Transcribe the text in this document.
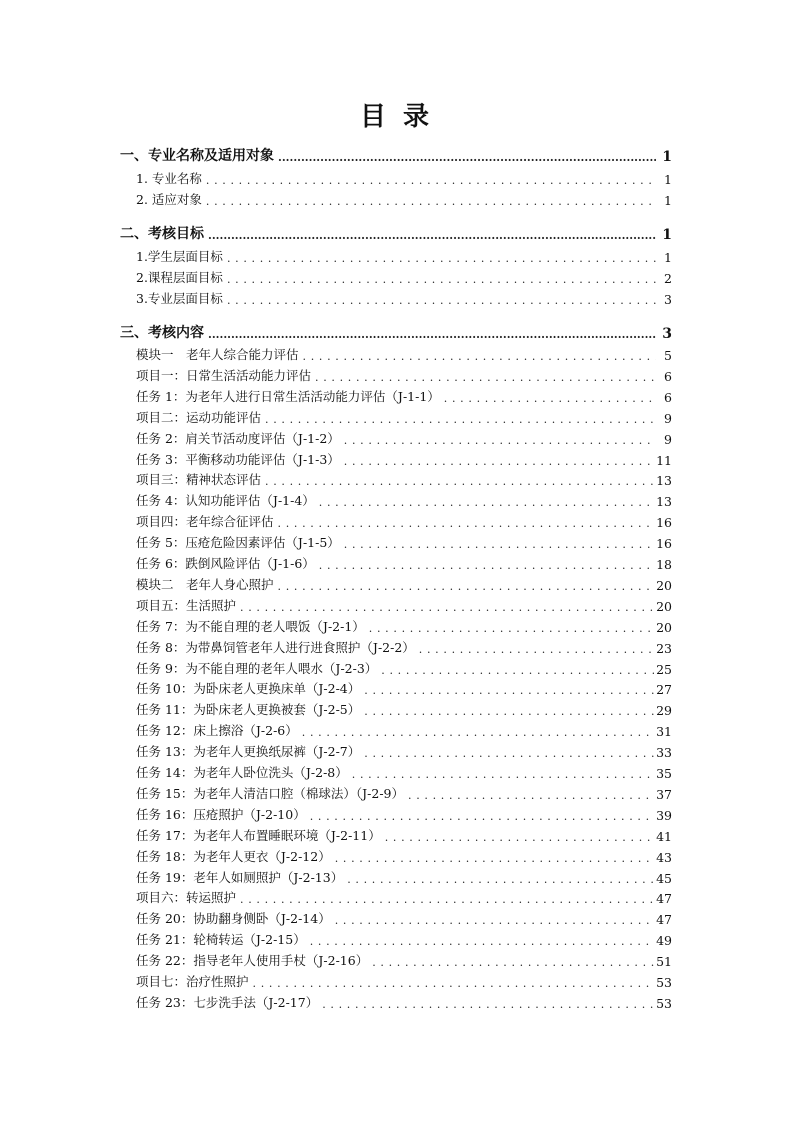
目 录
一、专业名称及适用对象 .....	1
1. 专业名称 . . .	1
2. 适应对象 . . .	1
二、考核目标 .....	1
1.学生层面目标 . . .	1
2.课程层面目标 . . .	2
3.专业层面目标 . . .	3
三、考核内容 .....	3
模块一　老年人综合能力评估 . . .	5
项目一：日常生活活动能力评估 . . .	6
任务 1：为老年人进行日常生活活动能力评估（J-1-1） . . .	6
项目二：运动功能评估 . . .	9
任务 2：肩关节活动度评估（J-1-2） . . .	9
任务 3：平衡移动功能评估（J-1-3） . . .	11
项目三：精神状态评估 . . .	13
任务 4：认知功能评估（J-1-4） . . .	13
项目四：老年综合征评估 . . .	16
任务 5：压疮危险因素评估（J-1-5） . . .	16
任务 6：跌倒风险评估（J-1-6） . . .	18
模块二　老年人身心照护 . . .	20
项目五：生活照护 . . .	20
任务 7：为不能自理的老人喂饭（J-2-1） . . .	20
任务 8：为带鼻饲管老年人进行进食照护（J-2-2） . . .	23
任务 9：为不能自理的老年人喂水（J-2-3） . . .	25
任务 10：为卧床老人更换床单（J-2-4） . . .	27
任务 11：为卧床老人更换被套（J-2-5） . . .	29
任务 12：床上擦浴（J-2-6） . . .	31
任务 13：为老年人更换纸尿裤（J-2-7） . . .	33
任务 14：为老年人卧位洗头（J-2-8） . . .	35
任务 15：为老年人清洁口腔（棉球法）（J-2-9） . . .	37
任务 16：压疮照护（J-2-10） . . .	39
任务 17：为老年人布置睡眠环境（J-2-11） . . .	41
任务 18：为老年人更衣（J-2-12） . . .	43
任务 19：老年人如厕照护（J-2-13） . . .	45
项目六：转运照护 . . .	47
任务 20：协助翻身侧卧（J-2-14） . . .	47
任务 21：轮椅转运（J-2-15） . . .	49
任务 22：指导老年人使用手杖（J-2-16） . . .	51
项目七：治疗性照护 . . .	53
任务 23：七步洗手法（J-2-17） . . .	53
